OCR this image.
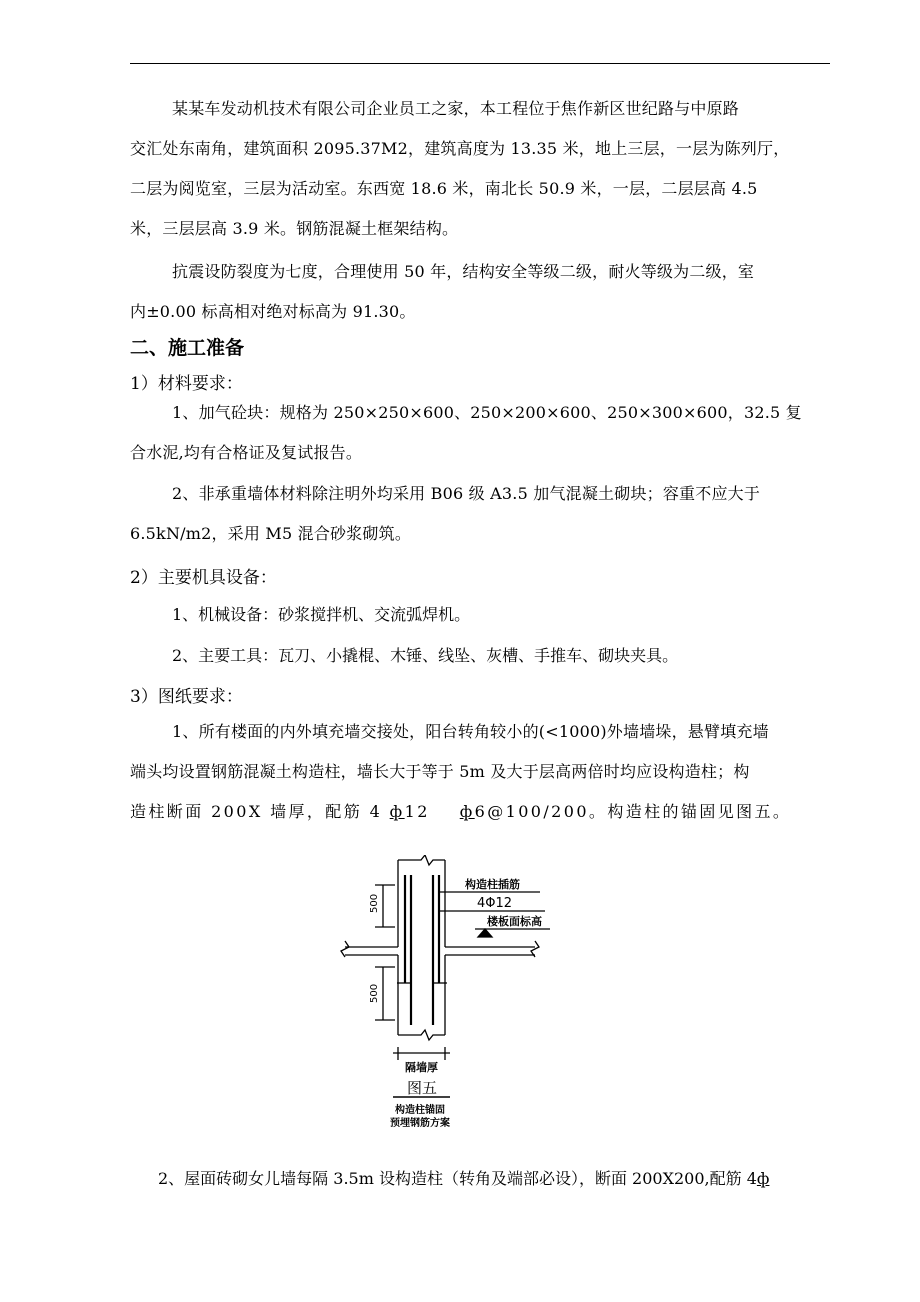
某某车发动机技术有限公司企业员工之家，本工程位于焦作新区世纪路与中原路
交汇处东南角，建筑面积 2095.37M2，建筑高度为 13.35 米，地上三层，一层为陈列厅，
二层为阅览室，三层为活动室。东西宽 18.6 米，南北长 50.9 米，一层，二层层高 4.5
米，三层层高 3.9 米。钢筋混凝土框架结构。
抗震设防裂度为七度，合理使用 50 年，结构安全等级二级，耐火等级为二级，室
内±0.00 标高相对绝对标高为 91.30。
二、施工准备
1）材料要求：
1、加气砼块：规格为 250×250×600、250×200×600、250×300×600，32.5 复
合水泥,均有合格证及复试报告。
2、非承重墙体材料除注明外均采用 B06 级 A3.5 加气混凝土砌块；容重不应大于
6.5kN/m2，采用 M5 混合砂浆砌筑。
2）主要机具设备：
1、机械设备：砂浆搅拌机、交流弧焊机。
2、主要工具：瓦刀、小撬棍、木锤、线坠、灰槽、手推车、砌块夹具。
3）图纸要求：
1、所有楼面的内外填充墙交接处，阳台转角较小的(<1000)外墙墙垛，悬臂填充墙
端头均设置钢筋混凝土构造柱，墙长大于等于 5m 及大于层高两倍时均应设构造柱；构
造柱断面 200X 墙厚，配筋 4 ф12 ф6@100/200。构造柱的锚固见图五。
构造柱插筋
4Φ12
楼板面标高
500
500
隔墙厚
图五
构造柱锚固
预埋钢筋方案
2、屋面砖砌女儿墙每隔 3.5m 设构造柱（转角及端部必设），断面 200X200,配筋 4ф
